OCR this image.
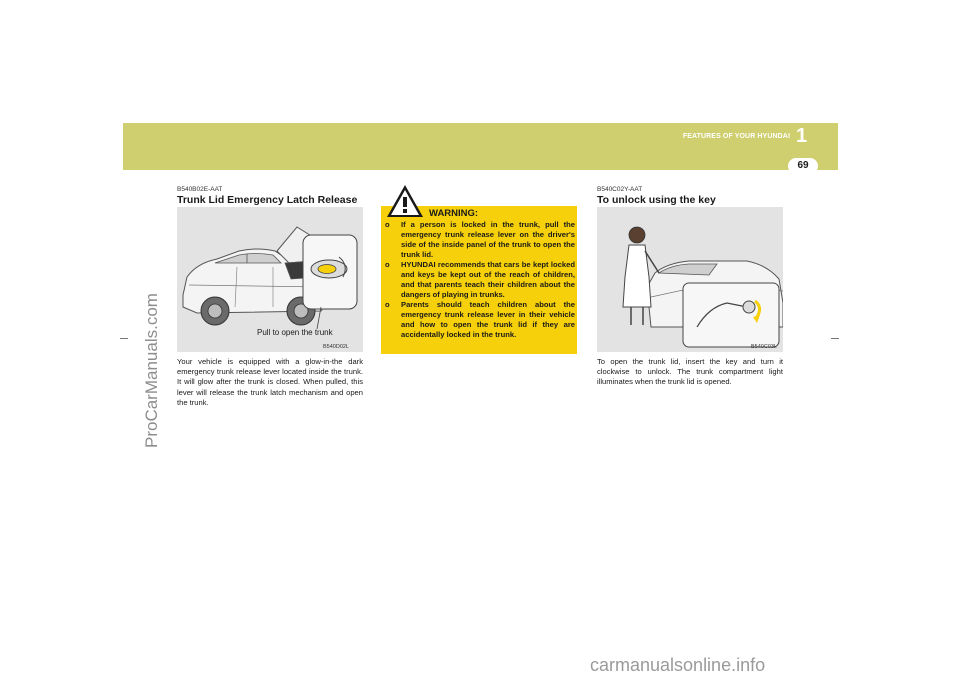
FEATURES OF YOUR HYUNDAI 1
69
ProCarManuals.com
carmanualsonline.info
B540B02E-AAT
Trunk Lid Emergency Latch Release
Pull to open the trunk
B540D02L
Your vehicle is equipped with a glow-in-the dark emergency trunk release lever located inside the trunk. It will glow after the trunk is closed. When pulled, this lever will release the trunk latch mechanism and open the trunk.
WARNING:
o If a person is locked in the trunk, pull the emergency trunk release lever on the driver's side of the inside panel of the trunk to open the trunk lid.
o HYUNDAI recommends that cars be kept locked and keys be kept out of the reach of children, and that parents teach their children about the dangers of playing in trunks.
o Parents should teach children about the emergency trunk release lever in their vehicle and how to open the trunk lid if they are accidentally locked in the trunk.
B540C02Y-AAT
To unlock using the key
B540C03L
To open the trunk lid, insert the key and turn it clockwise to unlock. The trunk compartment light illuminates when the trunk lid is opened.
